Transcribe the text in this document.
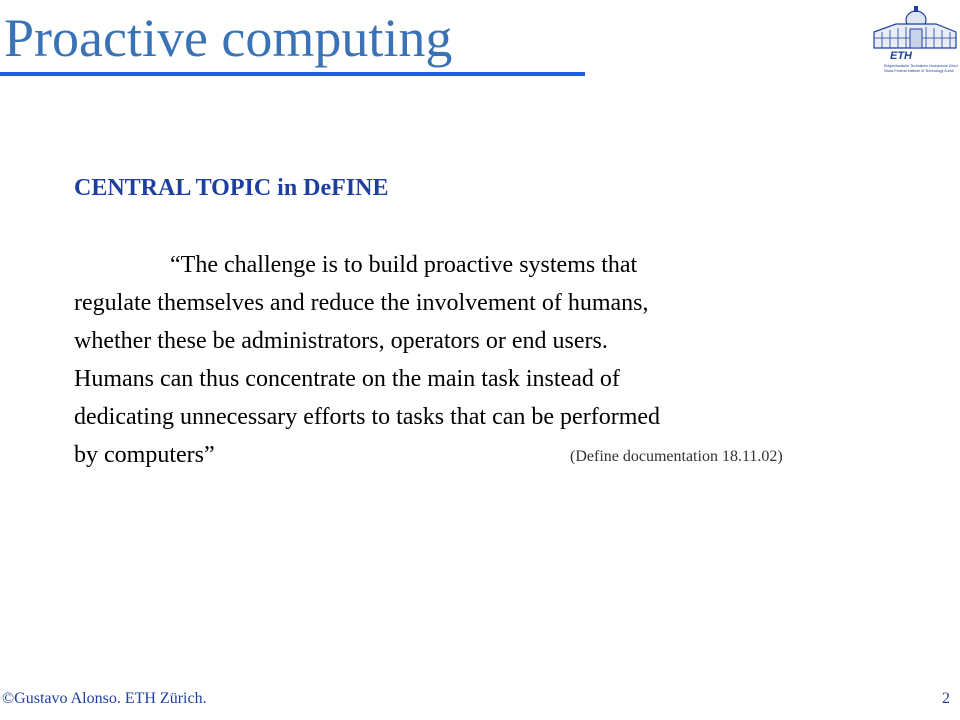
Proactive computing	ETH
Eidgenössische Technische Hochschule Zürich
Swiss Federal Institute of Technology Zurich
CENTRAL TOPIC in DeFINE
“The challenge is to build proactive systems that
regulate themselves and reduce the involvement of humans,
whether these be administrators, operators or end users.
Humans can thus concentrate on the main task instead of
dedicating unnecessary efforts to tasks that can be performed
by computers”	(Define documentation 18.11.02)
©Gustavo Alonso. ETH Zürich.	2
